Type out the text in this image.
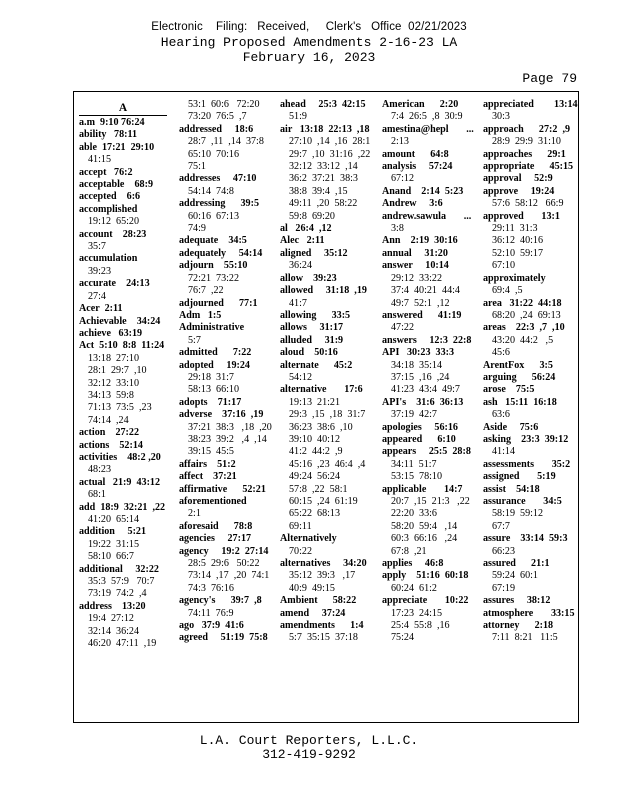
Electronic    Filing:   Received,     Clerk's   Office  02/21/2023
Hearing Proposed Amendments 2-16-23 LA
February 16, 2023
Page 79
A
a.m  9:10 76:24
ability   78:11
able  17:21  29:10
41:15
accept   76:2
acceptable    68:9
accepted    6:6
accomplished
19:12  65:20
account    28:23
35:7
accumulation
39:23
accurate    24:13
27:4
Acer  2:11
Achievable    34:24
achieve   63:19
Act  5:10  8:8  11:24
13:18  27:10
28:1  29:7  ,10
32:12  33:10
34:13  59:8
71:13  73:5  ,23
74:14  ,24
action    27:22
actions    52:14
activities    48:2 ,20
48:23
actual   21:9  43:12
68:1
add  18:9  32:21  ,22
41:20  65:14
addition     5:21
19:22  31:15
58:10  66:7
additional     32:22
35:3  57:9   70:7
73:19  74:2  ,4
address    13:20
19:4  27:12
32:14  36:24
46:20  47:11  ,19
53:1  60:6   72:20
73:20  76:5  ,7
addressed     18:6
28:7  ,11  ,14  37:8
65:10  70:16
75:1
addresses     47:10
54:14  74:8
addressing      39:5
60:16  67:13
74:9
adequate    34:5
adequately     54:14
adjourn    55:10
72:21  73:22
76:7  ,22
adjourned      77:1
Adm   1:5
Administrative
5:7
admitted      7:22
adopted     19:24
29:18  31:7
58:13  66:10
adopts    71:17
adverse    37:16  ,19
37:21  38:3   ,18  ,20
38:23  39:2   ,4  ,14
39:15  45:5
affairs    51:2
affect    37:21
affirmative      52:21
aforementioned
2:1
aforesaid      78:8
agencies     27:17
agency     19:2  27:14
28:5  29:6   50:22
73:14  ,17  ,20  74:1
74:3  76:16
agency's      39:7  ,8
74:11  76:9
ago   37:9  41:6
agreed     51:19  75:8
ahead     25:3  42:15
51:9
air   13:18  22:13  ,18
27:10  ,14  ,16  28:1
29:7  ,10  31:16  ,22
32:12  33:12  ,14
36:2  37:21  38:3
38:8  39:4  ,15
49:11  ,20  58:22
59:8  69:20
al   26:4  ,12
Alec   2:11
aligned     35:12
36:24
allow    39:23
allowed     31:18  ,19
41:7
allowing      33:5
allows     31:17
alluded     31:9
aloud    50:16
alternate      45:2
54:12
alternative       17:6
19:13  21:21
29:3  ,15  ,18  31:7
36:23  38:6  ,10
39:10  40:12
41:2  44:2  ,9
45:16  ,23  46:4  ,4
49:24  56:24
57:8  ,22  58:1
60:15  ,24  61:19
65:22  68:13
69:11
Alternatively
70:22
alternatives     34:20
35:12  39:3   ,17
40:9  49:15
Ambient      58:22
amend     37:24
amendments      1:4
5:7  35:15  37:18
American      2:20
7:4  26:5  ,8  30:9
amestina@hepl       ...
2:13
amount      64:8
analysis     57:24
67:12
Anand    2:14  5:23
Andrew     3:6
andrew.sawula       ...
3:8
Ann    2:19  30:16
annual     31:20
answer     10:14
29:12  33:22
37:4  40:21  44:4
49:7  52:1  ,12
answered      41:19
47:22
answers     12:3  22:8
API   30:23  33:3
34:18  35:14
37:15  ,16  ,24
41:23  43:4  49:7
API's    31:6  36:13
37:19  42:7
apologies     56:16
appeared      6:10
appears     25:5  28:8
34:11  51:7
53:15  78:10
applicable       14:7
20:7  ,15  21:3   ,22
22:20  33:6
58:20  59:4   ,14
60:3  66:16   ,24
67:8  ,21
applies     46:8
apply    51:16  60:18
60:24  61:2
appreciate       10:22
17:23  24:15
25:4  55:8  ,16
75:24
appreciated        13:14
30:3
approach      27:2  ,9
28:9  29:9  31:10
approaches      29:1
appropriate      45:15
approval     52:9
approve     19:24
57:6  58:12   66:9
approved       13:1
29:11  31:3
36:12  40:16
52:10  59:17
67:10
approximately
69:4  ,5
area   31:22  44:18
68:20  ,24  69:13
areas    22:3  ,7  ,10
43:20  44:2   ,5
45:6
ArentFox      3:5
arguing      56:24
arose    75:5
ash   15:11  16:18
63:6
Aside     75:6
asking    23:3  39:12
41:14
assessments       35:2
assigned       5:19
assist    54:18
assurance       34:5
58:19  59:12
67:7
assure    33:14  59:3
66:23
assured      21:1
59:24  60:1
67:19
assures     38:12
atmosphere       33:15
attorney      2:18
7:11  8:21   11:5
L.A. Court Reporters, L.L.C.
312-419-9292
